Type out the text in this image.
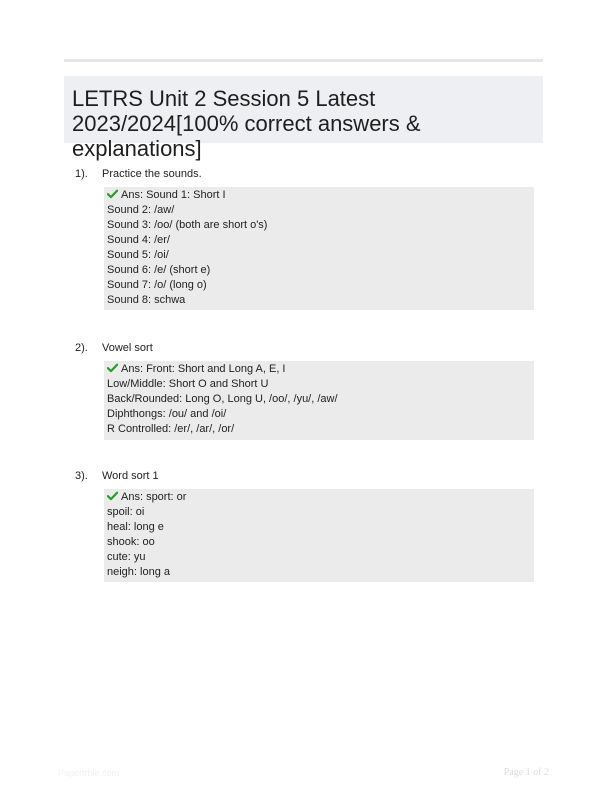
LETRS Unit 2 Session 5 Latest 2023/2024[100% correct answers & explanations]
1). Practice the sounds.
Ans: Sound 1: Short I
Sound 2: /aw/
Sound 3: /oo/ (both are short o's)
Sound 4: /er/
Sound 5: /oi/
Sound 6: /e/ (short e)
Sound 7: /o/ (long o)
Sound 8: schwa
2). Vowel sort
Ans: Front: Short and Long A, E, I
Low/Middle: Short O and Short U
Back/Rounded: Long O, Long U, /oo/, /yu/, /aw/
Diphthongs: /ou/ and /oi/
R Controlled: /er/, /ar/, /or/
3). Word sort 1
Ans: sport: or
spoil: oi
heal: long e
shook: oo
cute: yu
neigh: long a
Papertrble.com	Page 1 of 2
